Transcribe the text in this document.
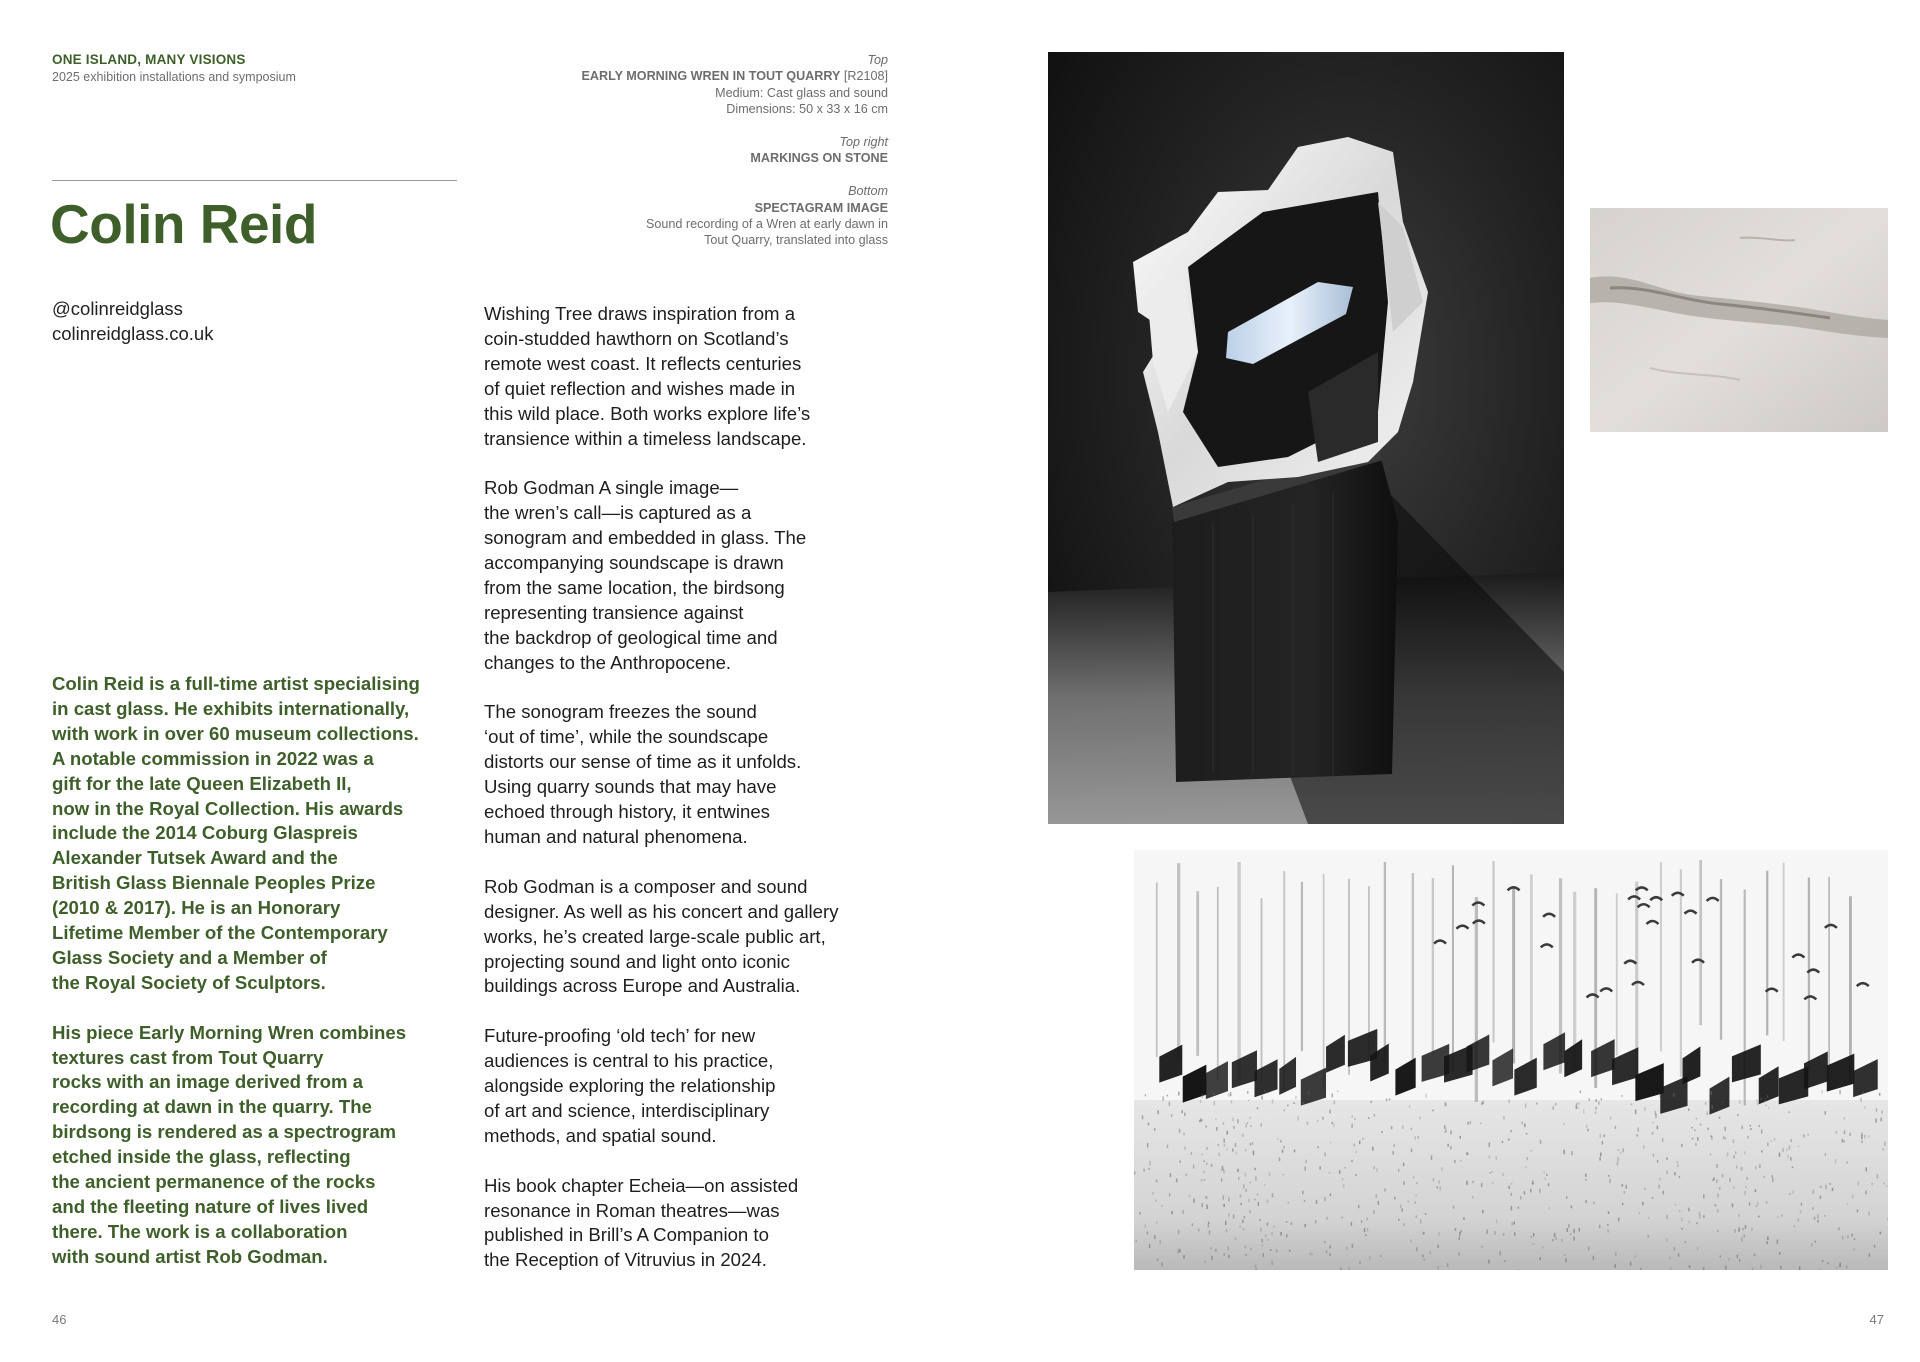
ONE ISLAND, MANY VISIONS
2025 exhibition installations and symposium
Colin Reid
@colinreidglass
colinreidglass.co.uk

Colin Reid is a full-time artist specialising
in cast glass. He exhibits internationally,
with work in over 60 museum collections.
A notable commission in 2022 was a
gift for the late Queen Elizabeth II,
now in the Royal Collection. His awards
include the 2014 Coburg Glaspreis
Alexander Tutsek Award and the
British Glass Biennale Peoples Prize
(2010 & 2017). He is an Honorary
Lifetime Member of the Contemporary
Glass Society and a Member of
the Royal Society of Sculptors.

His piece Early Morning Wren combines
textures cast from Tout Quarry
rocks with an image derived from a
recording at dawn in the quarry. The
birdsong is rendered as a spectrogram
etched inside the glass, reflecting
the ancient permanence of the rocks
and the fleeting nature of lives lived
there. The work is a collaboration
with sound artist Rob Godman.

Top
EARLY MORNING WREN IN TOUT QUARRY [R2108]
Medium: Cast glass and sound
Dimensions: 50 x 33 x 16 cm
Top right
MARKINGS ON STONE
Bottom
SPECTAGRAM IMAGE
Sound recording of a Wren at early dawn in
Tout Quarry, translated into glass

Wishing Tree draws inspiration from a
coin-studded hawthorn on Scotland’s
remote west coast. It reflects centuries
of quiet reflection and wishes made in
this wild place. Both works explore life’s
transience within a timeless landscape.

Rob Godman A single image—
the wren’s call—is captured as a
sonogram and embedded in glass. The
accompanying soundscape is drawn
from the same location, the birdsong
representing transience against
the backdrop of geological time and
changes to the Anthropocene.

The sonogram freezes the sound
‘out of time’, while the soundscape
distorts our sense of time as it unfolds.
Using quarry sounds that may have
echoed through history, it entwines
human and natural phenomena.

Rob Godman is a composer and sound
designer. As well as his concert and gallery
works, he’s created large-scale public art,
projecting sound and light onto iconic
buildings across Europe and Australia.

Future-proofing ‘old tech’ for new
audiences is central to his practice,
alongside exploring the relationship
of art and science, interdisciplinary
methods, and spatial sound.

His book chapter Echeia—on assisted
resonance in Roman theatres—was
published in Brill’s A Companion to
the Reception of Vitruvius in 2024.

46	47
